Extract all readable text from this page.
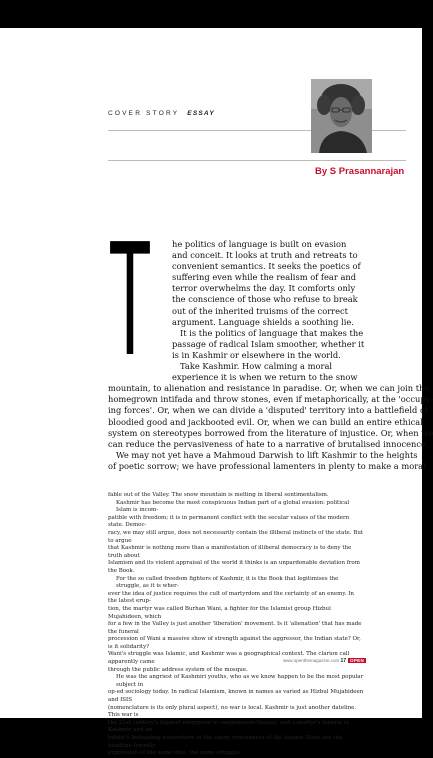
COVER STORY ESSAY
By S Prasannarajan
T he politics of language is built on evasion
and conceit. It looks at truth and retreats to
convenient semantics. It seeks the poetics of
suffering even while the realism of fear and
terror overwhelms the day. It comforts only
the conscience of those who refuse to break
out of the inherited truisms of the correct
argument. Language shields a soothing lie.
It is the politics of language that makes the
passage of radical Islam smoother, whether it
is in Kashmir or elsewhere in the world.
Take Kashmir. How calming a moral
experience it is when we return to the snow
mountain, to alienation and resistance in paradise. Or, when we can join the
homegrown intifada and throw stones, even if metaphorically, at the 'occupy-
ing forces'. Or, when we can divide a 'disputed' territory into a battlefield of
bloodied good and jackbooted evil. Or, when we can build an entire ethical
system on stereotypes borrowed from the literature of injustice. Or, when we
can reduce the pervasiveness of hate to a narrative of brutalised innocence.
We may not yet have a Mahmoud Darwish to lift Kashmir to the heights
of poetic sorrow; we have professional lamenters in plenty to make a moral

fable out of the Valley. The snow mountain is melting in liberal sentimentalism.

Kashmir has become the most conspicuous Indian part of a global evasion: political Islam is incom-

patible with freedom; it is in permanent conflict with the secular values of the modern state. Democ-

racy, we may still argue, does not necessarily contain the illiberal instincts of the state. But to argue

that Kashmir is nothing more than a manifestation of illiberal democracy is to deny the truth about

Islamism and its violent appraisal of the world it thinks is an unpardonable deviation from the Book.

For the so called freedom fighters of Kashmir, it is the Book that legitimises the struggle, as it is wher-

ever the idea of justice requires the cult of martyrdom and the certainty of an enemy. In the latest erup-

tion, the martyr was called Burhan Wani, a fighter for the Islamist group Hizbul Mujahideen, which

for a few in the Valley is just another 'liberation' movement. Is it 'alienation' that has made the funeral

procession of Wani a massive show of strength against the aggressor, the Indian state? Or, is it solidarity?

Wani's struggle was Islamic, and Kashmir was a geographical context. The clarion call apparently came

through the public address system of the mosque.

He was the angriest of Kashmiri youths, who as we know happen to be the most popular subject in

op-ed sociology today. In radical Islamism, known in names as varied as Hizbul Mujahideen and ISIS

(nomenclature is its only plural aspect), no war is local. Kashmir is just another dateline. This war is

the 21st century's biggest enterprise in sanguineous fantasy, and a martyr's funeral in Kashmir and an

infidel's beheading somewhere in the sandy remoteness of the Islamic State are the headline friendly

expression of the same idea, the same struggle.

www.openthemagazine.com 17 OPEN
